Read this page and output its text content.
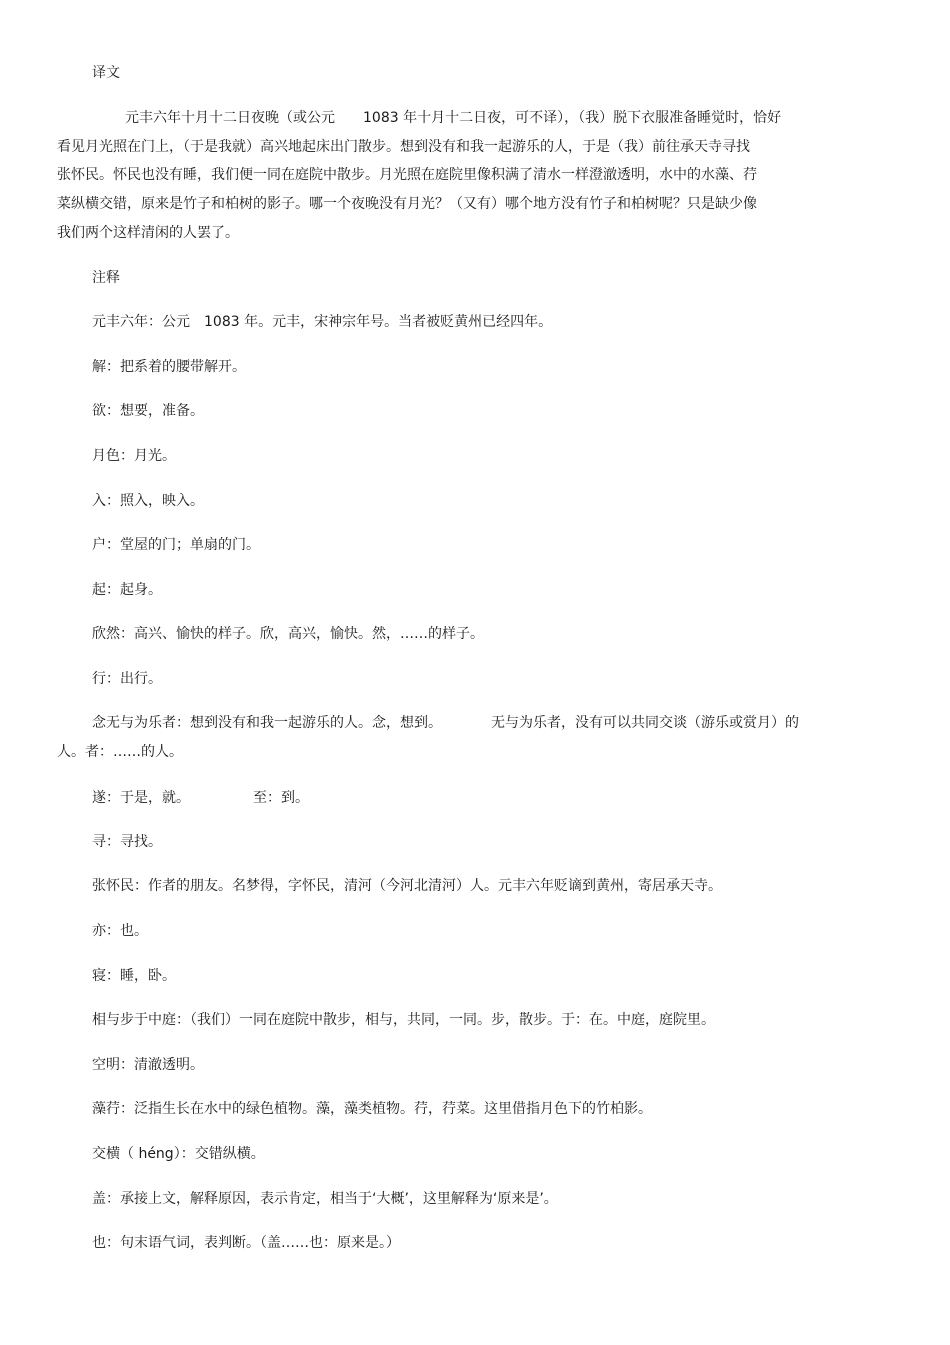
译文
元丰六年十月十二日夜晚（或公元　　1083 年十月十二日夜，可不译），（我）脱下衣服准备睡觉时，恰好
看见月光照在门上，（于是我就）高兴地起床出门散步。想到没有和我一起游乐的人，于是（我）前往承天寺寻找
张怀民。怀民也没有睡，我们便一同在庭院中散步。月光照在庭院里像积满了清水一样澄澈透明，水中的水藻、荇
菜纵横交错，原来是竹子和柏树的影子。哪一个夜晚没有月光？（又有）哪个地方没有竹子和柏树呢？只是缺少像
我们两个这样清闲的人罢了。
注释
元丰六年：公元　1083 年。元丰，宋神宗年号。当者被贬黄州已经四年。
解：把系着的腰带解开。
欲：想要，准备。
月色：月光。
入：照入，映入。
户：堂屋的门；单扇的门。
起：起身。
欣然：高兴、愉快的样子。欣，高兴，愉快。然，……的样子。
行：出行。
念无与为乐者：想到没有和我一起游乐的人。念，想到。　　　　无与为乐者，没有可以共同交谈（游乐或赏月）的
人。者：……的人。
遂：于是，就。　　　　　至：到。
寻：寻找。
张怀民：作者的朋友。名梦得，字怀民，清河（今河北清河）人。元丰六年贬谪到黄州，寄居承天寺。
亦：也。
寝：睡，卧。
相与步于中庭：（我们）一同在庭院中散步，相与，共同，一同。步，散步。于：在。中庭，庭院里。
空明：清澈透明。
藻荇：泛指生长在水中的绿色植物。藻，藻类植物。荇，荇菜。这里借指月色下的竹柏影。
交横（ héng）：交错纵横。
盖：承接上文，解释原因，表示肯定，相当于‘大概’，这里解释为‘原来是’。
也：句末语气词，表判断。（盖……也：原来是。）
